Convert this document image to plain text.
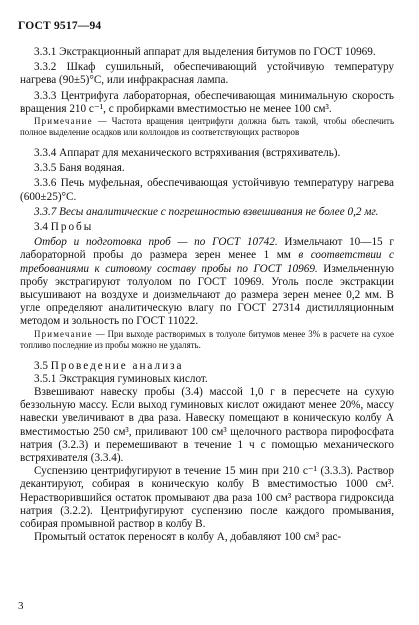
ГОСТ 9517—94

3.3.1 Экстракционный аппарат для выделения битумов по ГОСТ 10969.

3.3.2 Шкаф сушильный, обеспечивающий устойчивую температуру нагрева (90±5)°С, или инфракрасная лампа.

3.3.3 Центрифуга лабораторная, обеспечивающая минимальную скорость вращения 210 с⁻¹, с пробирками вместимостью не менее 100 см³.

Примечание — Частота вращения центрифуги должна быть такой, чтобы обеспечить полное выделение осадков или коллоидов из соответствующих растворов

3.3.4 Аппарат для механического встряхивания (встряхиватель).

3.3.5 Баня водяная.

3.3.6 Печь муфельная, обеспечивающая устойчивую температуру нагрева (600±25)°С.

3.3.7 Весы аналитические с погрешностью взвешивания не более 0,2 мг.

3.4 Пробы

Отбор и подготовка проб — по ГОСТ 10742. Измельчают 10—15 г лабораторной пробы до размера зерен менее 1 мм в соответствии с требованиями к ситовому составу пробы по ГОСТ 10969. Измельченную пробу экстрагируют толуолом по ГОСТ 10969. Уголь после экстракции высушивают на воздухе и доизмельчают до размера зерен менее 0,2 мм. В угле определяют аналитическую влагу по ГОСТ 27314 дистилляционным методом и зольность по ГОСТ 11022.

Примечание — При выходе растворимых в толуоле битумов менее 3% в расчете на сухое топливо последние из пробы можно не удалять.

3.5 Проведение анализа

3.5.1 Экстракция гуминовых кислот.

Взвешивают навеску пробы (3.4) массой 1,0 г в пересчете на сухую беззольную массу. Если выход гуминовых кислот ожидают менее 20%, массу навески увеличивают в два раза. Навеску помещают в коническую колбу А вместимостью 250 см³, приливают 100 см³ щелочного раствора пирофосфата натрия (3.2.3) и перемешивают в течение 1 ч с помощью механического встряхивателя (3.3.4).

Суспензию центрифугируют в течение 15 мин при 210 с⁻¹ (3.3.3). Раствор декантируют, собирая в коническую колбу В вместимостью 1000 см³. Нерастворившийся остаток промывают два раза 100 см³ раствора гидроксида натрия (3.2.2). Центрифугируют суспензию после каждого промывания, собирая промывной раствор в колбу В.

Промытый остаток переносят в колбу А, добавляют 100 см³ рас-

3
